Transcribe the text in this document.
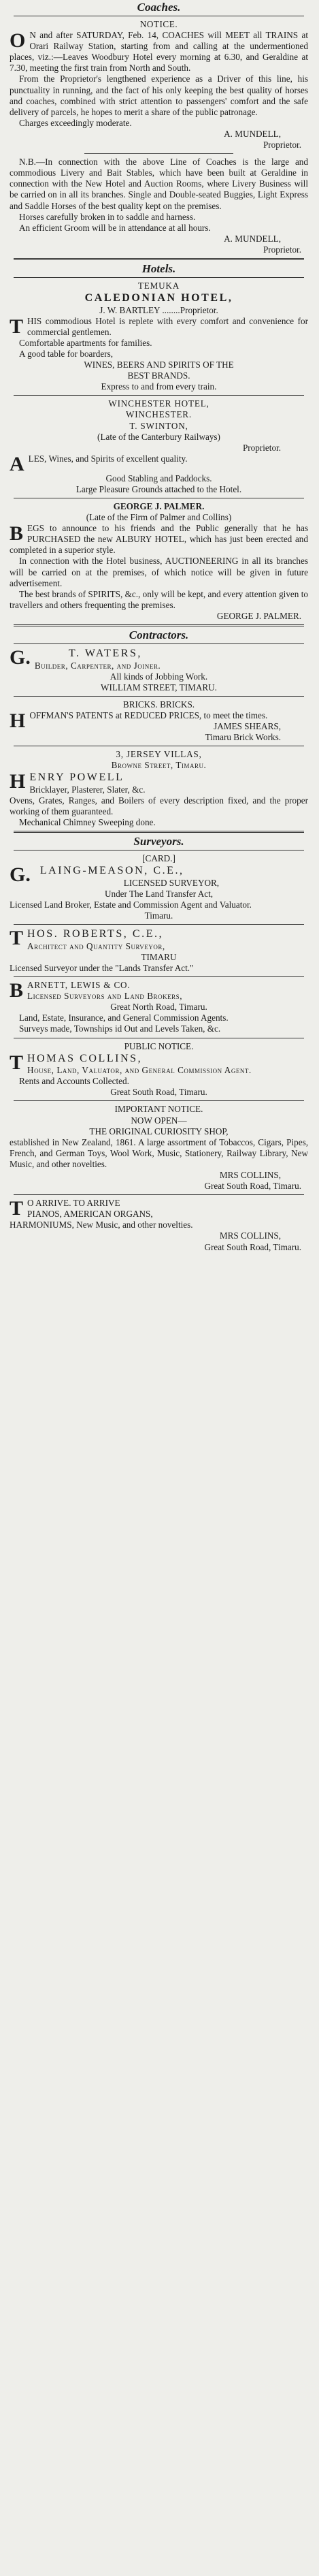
Coaches.

NOTICE.

O N and after SATURDAY, Feb. 14, COACHES will MEET all TRAINS at Orari Railway Station, starting from and calling at the undermentioned places, viz.:—Leaves Woodbury Hotel every morning at 6.30, and Geraldine at 7.30, meeting the first train from North and South.

From the Proprietor's lengthened experience as a Driver of this line, his punctuality in running, and the fact of his only keeping the best quality of horses and coaches, combined with strict attention to passengers' comfort and the safe delivery of parcels, he hopes to merit a share of the public patronage.

Charges exceedingly moderate.

A. MUNDELL,

Proprietor.

N.B.—In connection with the above Line of Coaches is the large and commodious Livery and Bait Stables, which have been built at Geraldine in connection with the New Hotel and Auction Rooms, where Livery Business will be carried on in all its branches. Single and Double-seated Buggies, Light Express and Saddle Horses of the best quality kept on the premises.

Horses carefully broken in to saddle and harness.

An efficient Groom will be in attendance at all hours.

A. MUNDELL,

Proprietor.

Hotels.

TEMUKA

CALEDONIAN HOTEL,

J. W. BARTLEY ........Proprietor.

THIS commodious Hotel is replete with every comfort and convenience for commercial gentlemen.

Comfortable apartments for families.

A good table for boarders,

WINES, BEERS AND SPIRITS OF THE

BEST BRANDS.

Express to and from every train.

WINCHESTER HOTEL,

WINCHESTER.

T. SWINTON,

(Late of the Canterbury Railways)

Proprietor.

ALES, Wines, and Spirits of excellent quality.

Good Stabling and Paddocks.

Large Pleasure Grounds attached to the Hotel.

GEORGE J. PALMER.

(Late of the Firm of Palmer and Collins)

BEGS to announce to his friends and the Public generally that he has PURCHASED the new ALBURY HOTEL, which has just been erected and completed in a superior style.

In connection with the Hotel business, AUCTIONEERING in all its branches will be carried on at the premises, of which notice will be given in future advertisement.

The best brands of SPIRITS, &c., only will be kept, and every attention given to travellers and others frequenting the premises.

GEORGE J. PALMER.

Contractors.

G.	T. WATERS,

Builder, Carpenter, and Joiner.

All kinds of Jobbing Work.

WILLIAM STREET, TIMARU.

BRICKS. BRICKS.

HOFFMAN'S PATENTS at REDUCED PRICES, to meet the times.

JAMES SHEARS,

Timaru Brick Works.

3, JERSEY VILLAS,

Browne Street, Timaru.

HENRY POWELL

Bricklayer, Plasterer, Slater, &c.

Ovens, Grates, Ranges, and Boilers of every description fixed, and the proper working of them guaranteed.

Mechanical Chimney Sweeping done.

Surveyors.

[CARD.]

G. LAING-MEASON, C.E.,

LICENSED SURVEYOR,

Under The Land Transfer Act,

Licensed Land Broker, Estate and Commission Agent and Valuator.

Timaru.

THOS. ROBERTS, C.E.,

Architect and Quantity Surveyor,

TIMARU

Licensed Surveyor under the "Lands Transfer Act."

BARNETT, LEWIS & CO.

Licensed Surveyors and Land Brokers,

Great North Road, Timaru.

Land, Estate, Insurance, and General Commission Agents.

Surveys made, Townships id Out and Levels Taken, &c.

PUBLIC NOTICE.

THOMAS COLLINS,

House, Land, Valuator, and General Commission Agent.

Rents and Accounts Collected.

Great South Road, Timaru.

IMPORTANT NOTICE.

NOW OPEN—

THE ORIGINAL CURIOSITY SHOP,

established in New Zealand, 1861. A large assortment of Tobaccos, Cigars, Pipes, French, and German Toys, Wool Work, Music, Stationery, Railway Library, New Music, and other novelties.

MRS COLLINS,

Great South Road, Timaru.

T O ARRIVE. TO ARRIVE

PIANOS, AMERICAN ORGANS,

HARMONIUMS, New Music, and other novelties.

MRS COLLINS,

Great South Road, Timaru.
